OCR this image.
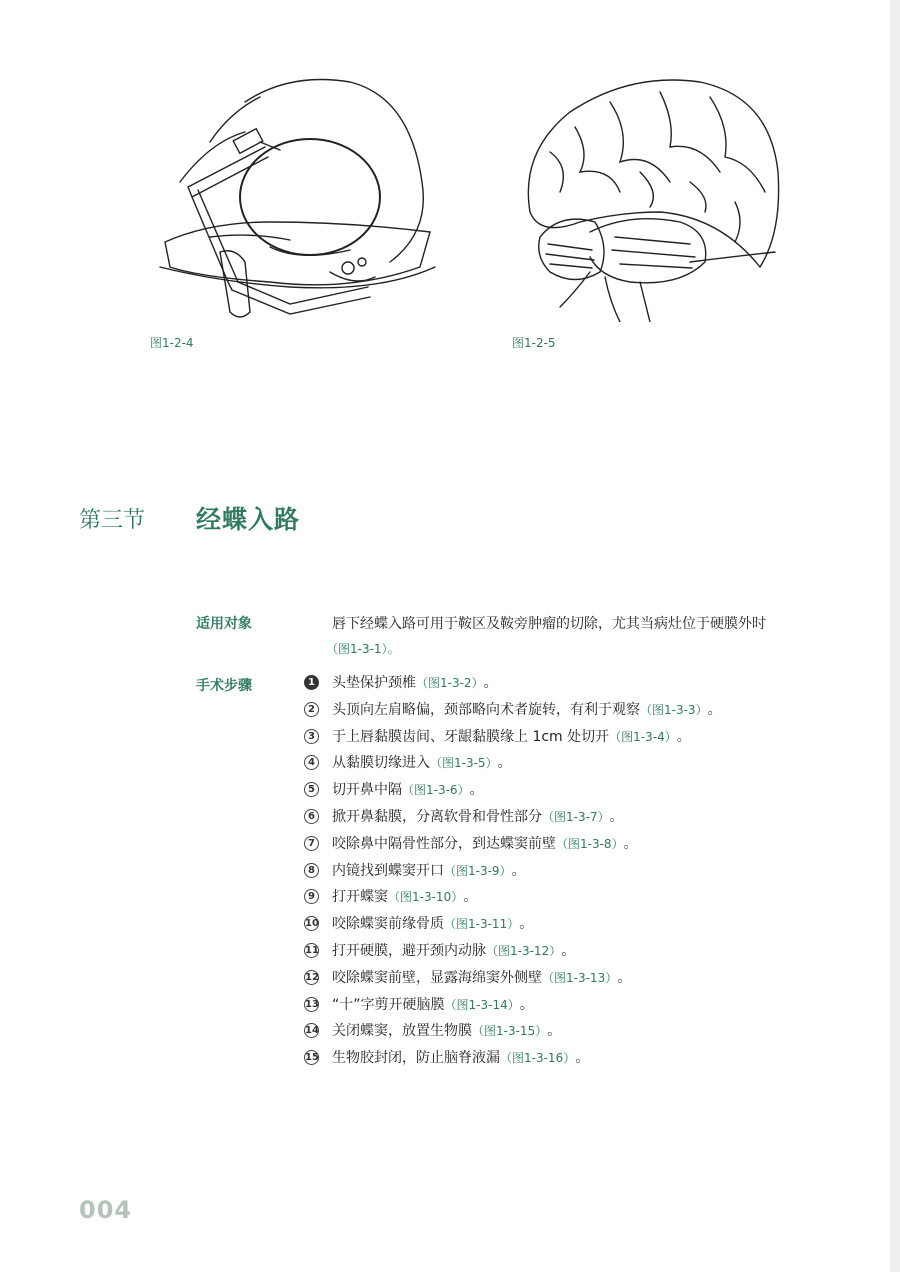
图1-2-4	图1-2-5
第三节 经蝶入路
适用对象	唇下经蝶入路可用于鞍区及鞍旁肿瘤的切除，尤其当病灶位于硬膜外时
（图1-3-1）。
手术步骤	1 头垫保护颈椎 （图1-3-2） 。
2 头顶向左肩略偏，颈部略向术者旋转，有利于观察 （图1-3-3） 。
3 于上唇黏膜齿间、牙龈黏膜缘上 1cm 处切开 （图1-3-4） 。
4 从黏膜切缘进入 （图1-3-5） 。
5 切开鼻中隔 （图1-3-6） 。
6 掀开鼻黏膜，分离软骨和骨性部分 （图1-3-7） 。
7 咬除鼻中隔骨性部分，到达蝶窦前壁 （图1-3-8） 。
8 内镜找到蝶窦开口 （图1-3-9） 。
9 打开蝶窦 （图1-3-10） 。
10 咬除蝶窦前缘骨质 （图1-3-11） 。
11 打开硬膜，避开颈内动脉 （图1-3-12） 。
12 咬除蝶窦前壁，显露海绵窦外侧壁 （图1-3-13） 。
13 “十”字剪开硬脑膜 （图1-3-14） 。
14 关闭蝶窦，放置生物膜 （图1-3-15） 。
15 生物胶封闭，防止脑脊液漏 （图1-3-16） 。
004
